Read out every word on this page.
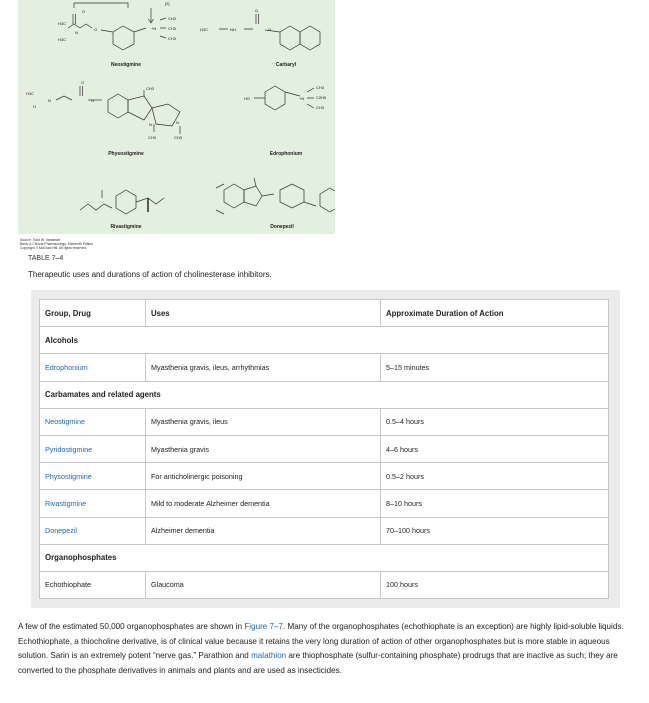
H3C
H3C
N
O
O
[2]
+N
CH3
CH3
CH3
H3C	NH
O
O
H3C
N
H
O
O
CH3
N	N
CH3	CH3
HO	+N
CH3
C2H5
CH3
Neostigmine	Carbaryl
Physostigmine	Edrophonium
Rivastigmine	Donepezil
Source: Todd W. Vanderah:
Basic & Clinical Pharmacology, Sixteenth Edition
Copyright © McGraw Hill. All rights reserved.
TABLE 7–4
Therapeutic uses and durations of action of cholinesterase inhibitors.
Group, Drug	Uses	Approximate Duration of Action
Alcohols		
Edrophonium	Myasthenia gravis, ileus, arrhythmias	5–15 minutes
Carbamates and related agents		
Neostigmine	Myasthenia gravis, ileus	0.5–4 hours
Pyridostigmine	Myasthenia gravis	4–6 hours
Physostigmine	For anticholinergic poisoning	0.5–2 hours
Rivastigmine	Mild to moderate Alzheimer dementia	8–10 hours
Donepezil	Alzheimer dementia	70–100 hours
Organophosphates		
Echothiophate	Glaucoma	100 hours

A few of the estimated 50,000 organophosphates are shown in Figure 7–7. Many of the organophosphates (echothiophate is an exception) are highly lipid-soluble liquids. Echothiophate, a thiocholine derivative, is of clinical value because it retains the very long duration of action of other organophosphates but is more stable in aqueous solution. Sarin is an extremely potent “nerve gas.” Parathion and malathion are thiophosphate (sulfur-containing phosphate) prodrugs that are inactive as such; they are converted to the phosphate derivatives in animals and plants and are used as insecticides.
